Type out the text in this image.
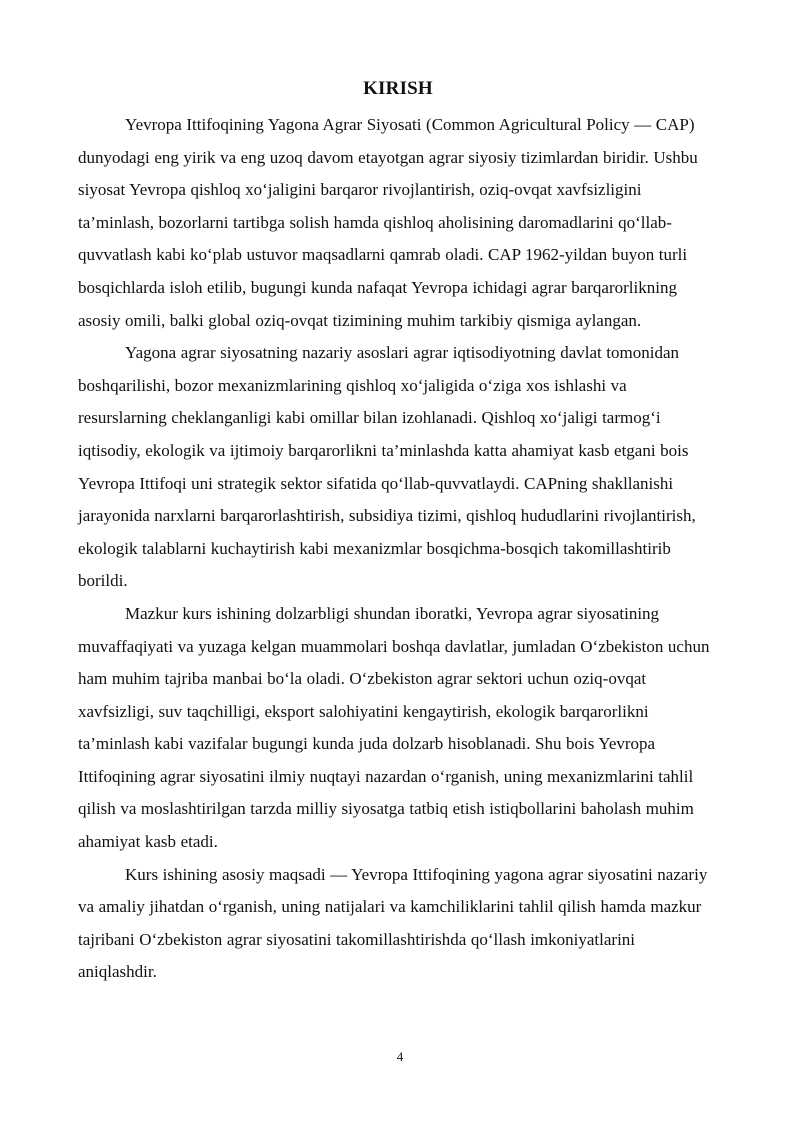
KIRISH

Yevropa Ittifoqining Yagona Agrar Siyosati (Common Agricultural Policy — CAP) dunyodagi eng yirik va eng uzoq davom etayotgan agrar siyosiy tizimlardan biridir. Ushbu siyosat Yevropa qishloq xo‘jaligini barqaror rivojlantirish, oziq-ovqat xavfsizligini ta’minlash, bozorlarni tartibga solish hamda qishloq aholisining daromadlarini qo‘llab-quvvatlash kabi ko‘plab ustuvor maqsadlarni qamrab oladi. CAP 1962-yildan buyon turli bosqichlarda isloh etilib, bugungi kunda nafaqat Yevropa ichidagi agrar barqarorlikning asosiy omili, balki global oziq-ovqat tizimining muhim tarkibiy qismiga aylangan.

Yagona agrar siyosatning nazariy asoslari agrar iqtisodiyotning davlat tomonidan boshqarilishi, bozor mexanizmlarining qishloq xo‘jaligida o‘ziga xos ishlashi va resurslarning cheklanganligi kabi omillar bilan izohlanadi. Qishloq xo‘jaligi tarmog‘i iqtisodiy, ekologik va ijtimoiy barqarorlikni ta’minlashda katta ahamiyat kasb etgani bois Yevropa Ittifoqi uni strategik sektor sifatida qo‘llab-quvvatlaydi. CAPning shakllanishi jarayonida narxlarni barqarorlashtirish, subsidiya tizimi, qishloq hududlarini rivojlantirish, ekologik talablarni kuchaytirish kabi mexanizmlar bosqichma-bosqich takomillashtirib borildi.

Mazkur kurs ishining dolzarbligi shundan iboratki, Yevropa agrar siyosatining muvaffaqiyati va yuzaga kelgan muammolari boshqa davlatlar, jumladan O‘zbekiston uchun ham muhim tajriba manbai bo‘la oladi. O‘zbekiston agrar sektori uchun oziq-ovqat xavfsizligi, suv taqchilligi, eksport salohiyatini kengaytirish, ekologik barqarorlikni ta’minlash kabi vazifalar bugungi kunda juda dolzarb hisoblanadi. Shu bois Yevropa Ittifoqining agrar siyosatini ilmiy nuqtayi nazardan o‘rganish, uning mexanizmlarini tahlil qilish va moslashtirilgan tarzda milliy siyosatga tatbiq etish istiqbollarini baholash muhim ahamiyat kasb etadi.

Kurs ishining asosiy maqsadi — Yevropa Ittifoqining yagona agrar siyosatini nazariy va amaliy jihatdan o‘rganish, uning natijalari va kamchiliklarini tahlil qilish hamda mazkur tajribani O‘zbekiston agrar siyosatini takomillashtirishda qo‘llash imkoniyatlarini aniqlashdir.

4
